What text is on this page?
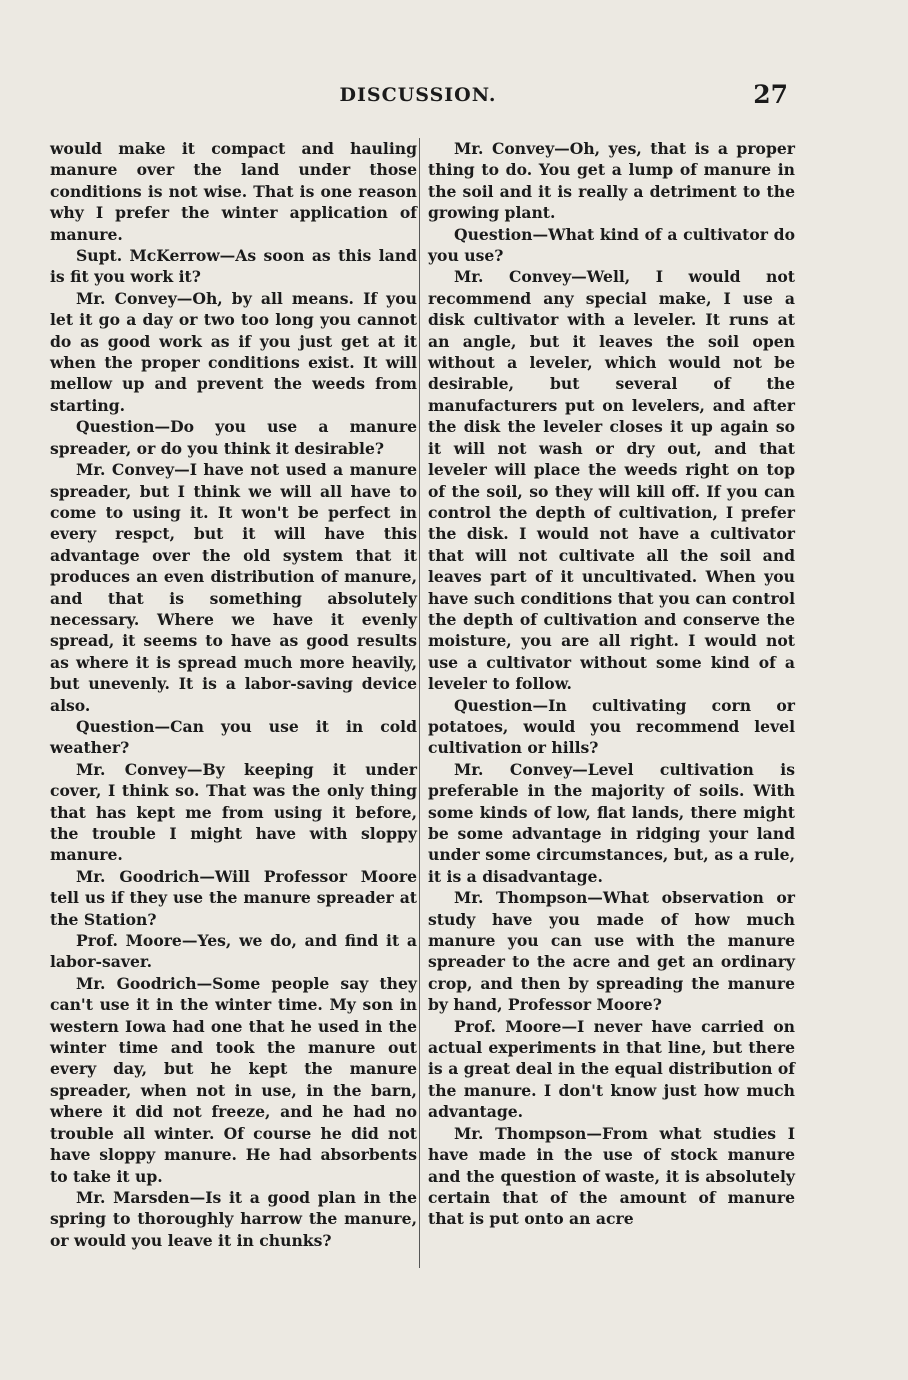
DISCUSSION.	27

would make it compact and hauling manure over the land under those conditions is not wise. That is one reason why I prefer the winter application of manure.

Supt. McKerrow—As soon as this land is fit you work it?

Mr. Convey—Oh, by all means. If you let it go a day or two too long you cannot do as good work as if you just get at it when the proper conditions exist. It will mellow up and prevent the weeds from starting.

Question—Do you use a manure spreader, or do you think it desirable?

Mr. Convey—I have not used a manure spreader, but I think we will all have to come to using it. It won't be perfect in every respct, but it will have this advantage over the old system that it produces an even distribution of manure, and that is something absolutely necessary. Where we have it evenly spread, it seems to have as good results as where it is spread much more heavily, but unevenly. It is a labor-saving device also.

Question—Can you use it in cold weather?

Mr. Convey—By keeping it under cover, I think so. That was the only thing that has kept me from using it before, the trouble I might have with sloppy manure.

Mr. Goodrich—Will Professor Moore tell us if they use the manure spreader at the Station?

Prof. Moore—Yes, we do, and find it a labor-saver.

Mr. Goodrich—Some people say they can't use it in the winter time. My son in western Iowa had one that he used in the winter time and took the manure out every day, but he kept the manure spreader, when not in use, in the barn, where it did not freeze, and he had no trouble all winter. Of course he did not have sloppy manure. He had absorbents to take it up.

Mr. Marsden—Is it a good plan in the spring to thoroughly harrow the manure, or would you leave it in chunks?

Mr. Convey—Oh, yes, that is a proper thing to do. You get a lump of manure in the soil and it is really a detriment to the growing plant.

Question—What kind of a cultivator do you use?

Mr. Convey—Well, I would not recommend any special make, I use a disk cultivator with a leveler. It runs at an angle, but it leaves the soil open without a leveler, which would not be desirable, but several of the manufacturers put on levelers, and after the disk the leveler closes it up again so it will not wash or dry out, and that leveler will place the weeds right on top of the soil, so they will kill off. If you can control the depth of cultivation, I prefer the disk. I would not have a cultivator that will not cultivate all the soil and leaves part of it uncultivated. When you have such conditions that you can control the depth of cultivation and conserve the moisture, you are all right. I would not use a cultivator without some kind of a leveler to follow.

Question—In cultivating corn or potatoes, would you recommend level cultivation or hills?

Mr. Convey—Level cultivation is preferable in the majority of soils. With some kinds of low, flat lands, there might be some advantage in ridging your land under some circumstances, but, as a rule, it is a disadvantage.

Mr. Thompson—What observation or study have you made of how much manure you can use with the manure spreader to the acre and get an ordinary crop, and then by spreading the manure by hand, Professor Moore?

Prof. Moore—I never have carried on actual experiments in that line, but there is a great deal in the equal distribution of the manure. I don't know just how much advantage.

Mr. Thompson—From what studies I have made in the use of stock manure and the question of waste, it is absolutely certain that of the amount of manure that is put onto an acre
